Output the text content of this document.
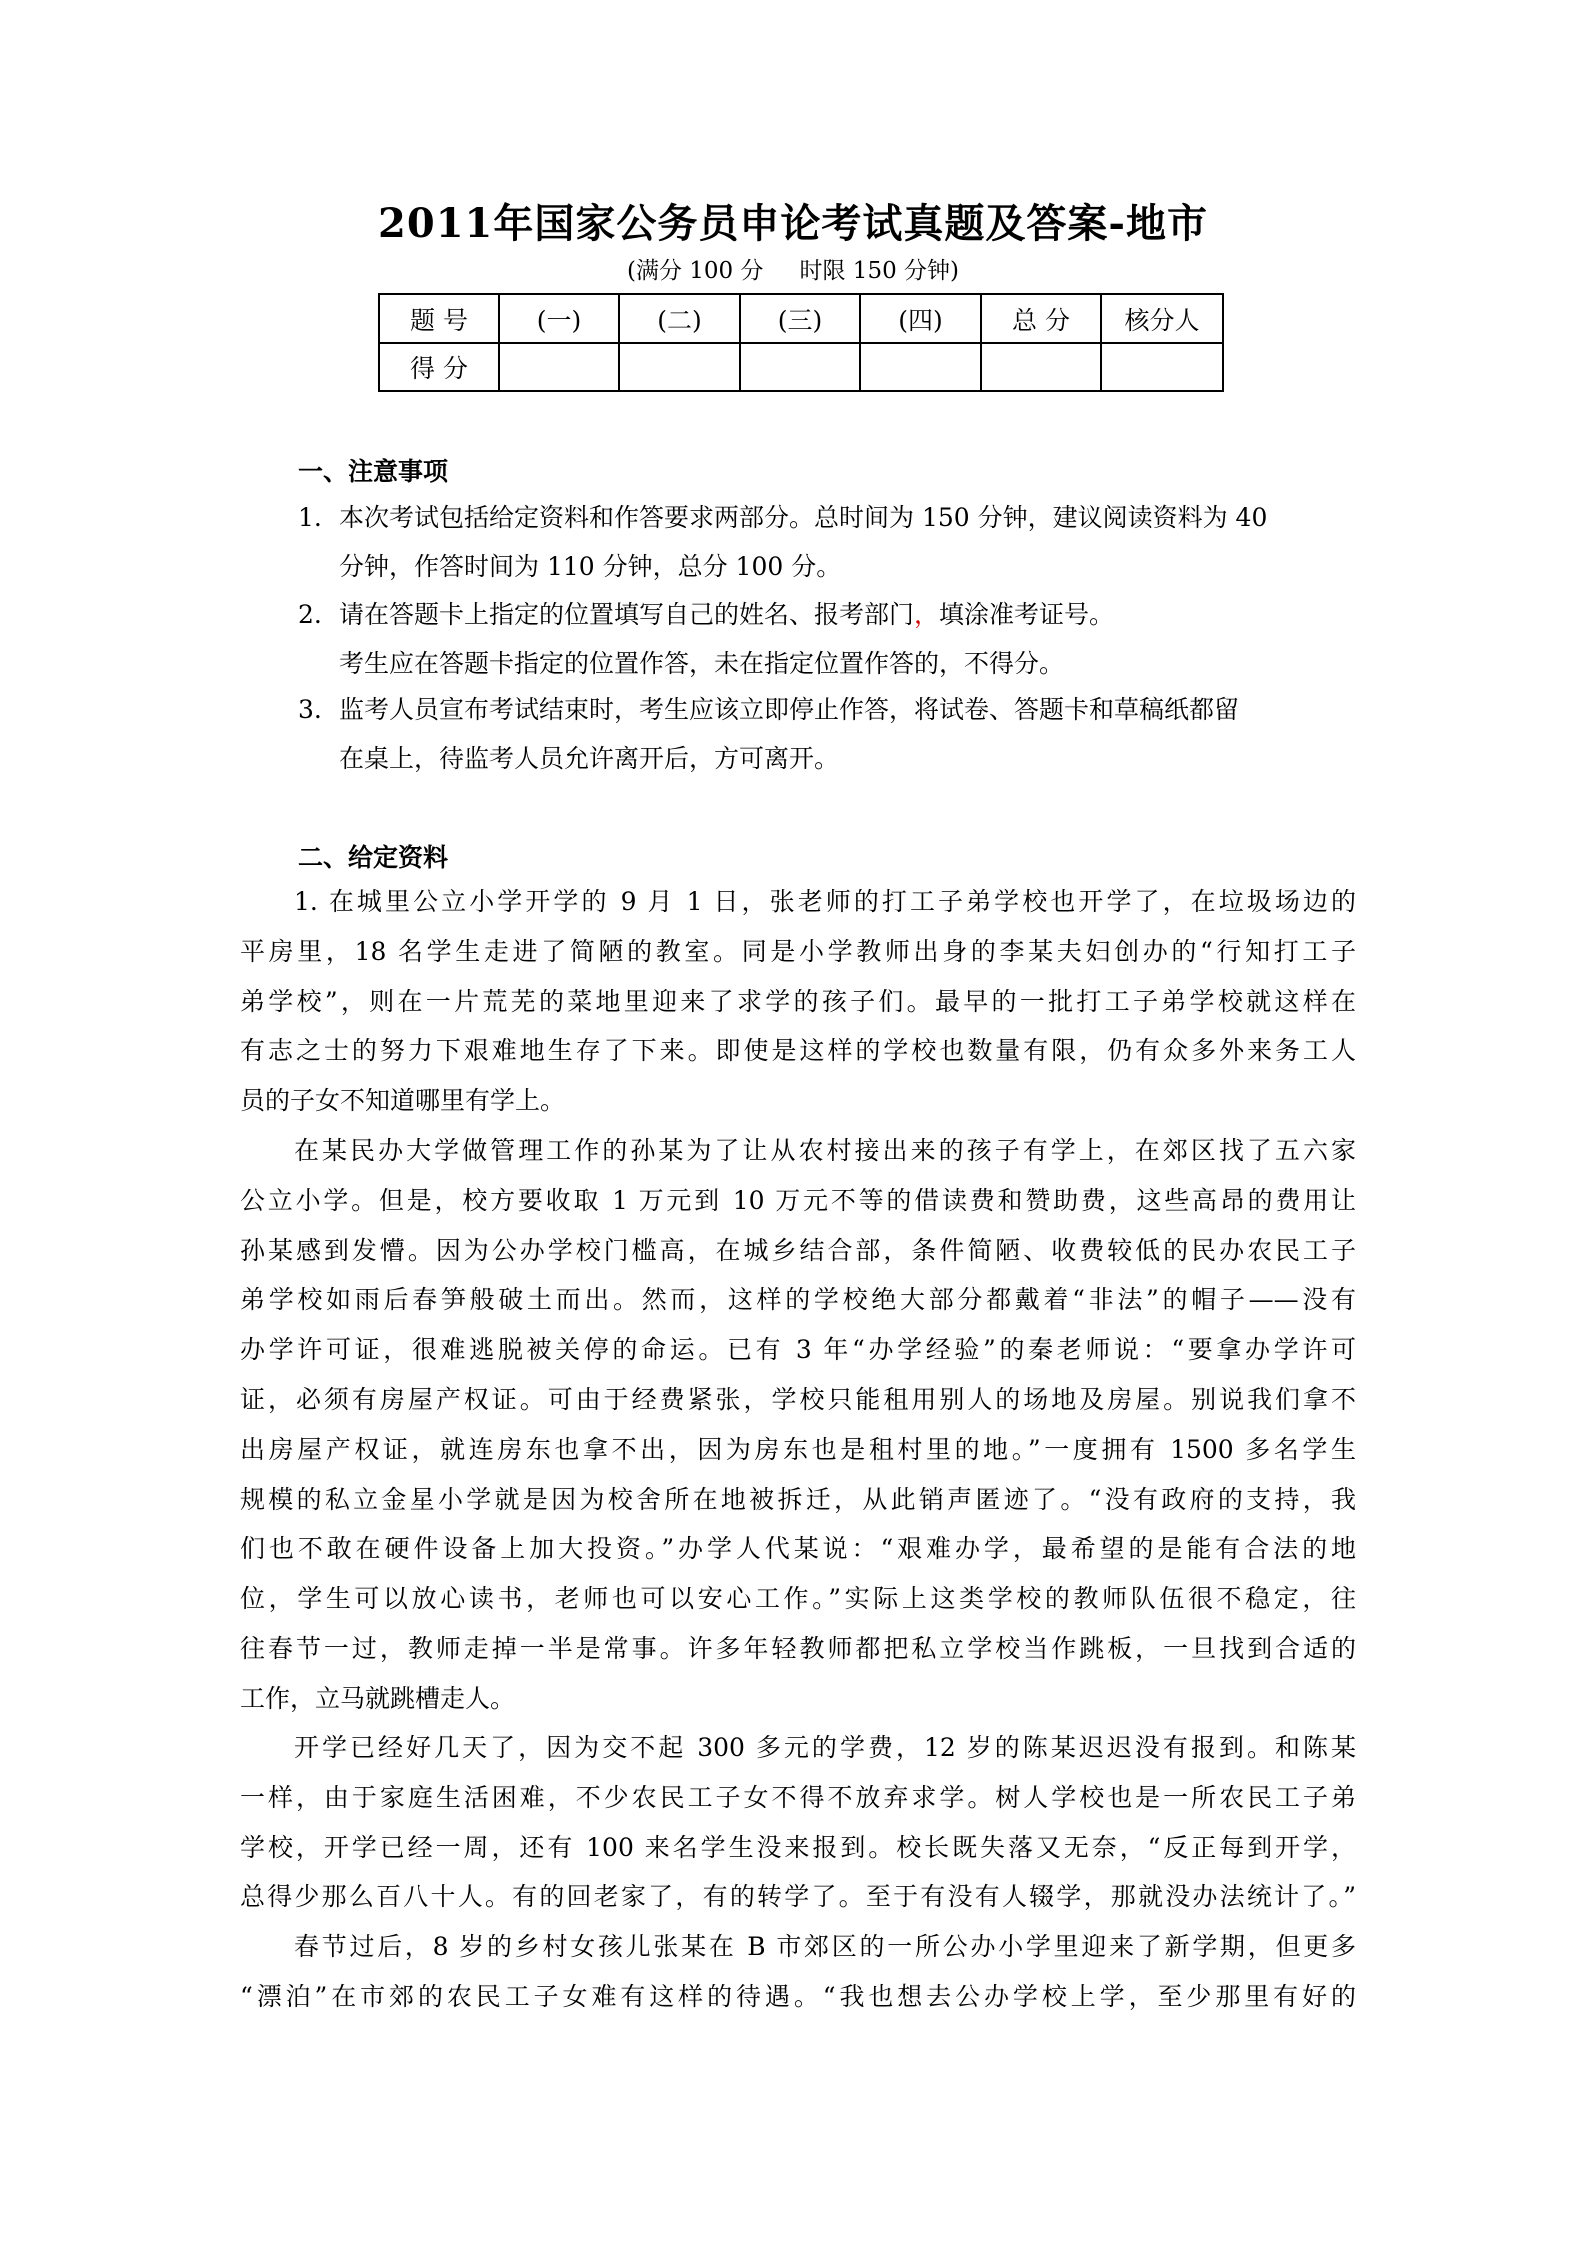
2011年国家公务员申论考试真题及答案-地市
(满分 100 分 时限 150 分钟)
题 号	(一)	(二)	(三)	(四)	总 分	核分人
得 分						
一、注意事项
1. 本次考试包括给定资料和作答要求两部分。总时间为 150 分钟，建议阅读资料为 40
分钟，作答时间为 110 分钟，总分 100 分。
2. 请在答题卡上指定的位置填写自己的姓名、报考部门，填涂准考证号。
考生应在答题卡指定的位置作答，未在指定位置作答的，不得分。
3. 监考人员宣布考试结束时，考生应该立即停止作答，将试卷、答题卡和草稿纸都留
在桌上，待监考人员允许离开后，方可离开。
二、给定资料
1. 在城里公立小学开学的 9 月 1 日，张老师的打工子弟学校也开学了，在垃圾场边的
平房里，18 名学生走进了简陋的教室。同是小学教师出身的李某夫妇创办的“行知打工子
弟学校”，则在一片荒芜的菜地里迎来了求学的孩子们。最早的一批打工子弟学校就这样在
有志之士的努力下艰难地生存了下来。即使是这样的学校也数量有限，仍有众多外来务工人
员的子女不知道哪里有学上。
在某民办大学做管理工作的孙某为了让从农村接出来的孩子有学上，在郊区找了五六家
公立小学。但是，校方要收取 1 万元到 10 万元不等的借读费和赞助费，这些高昂的费用让
孙某感到发懵。因为公办学校门槛高，在城乡结合部，条件简陋、收费较低的民办农民工子
弟学校如雨后春笋般破土而出。然而，这样的学校绝大部分都戴着“非法”的帽子——没有
办学许可证，很难逃脱被关停的命运。已有 3 年“办学经验”的秦老师说：“要拿办学许可
证，必须有房屋产权证。可由于经费紧张，学校只能租用别人的场地及房屋。别说我们拿不
出房屋产权证，就连房东也拿不出，因为房东也是租村里的地。”一度拥有 1500 多名学生
规模的私立金星小学就是因为校舍所在地被拆迁，从此销声匿迹了。“没有政府的支持，我
们也不敢在硬件设备上加大投资。”办学人代某说：“艰难办学，最希望的是能有合法的地
位，学生可以放心读书，老师也可以安心工作。”实际上这类学校的教师队伍很不稳定，往
往春节一过，教师走掉一半是常事。许多年轻教师都把私立学校当作跳板，一旦找到合适的
工作，立马就跳槽走人。
开学已经好几天了，因为交不起 300 多元的学费，12 岁的陈某迟迟没有报到。和陈某
一样，由于家庭生活困难，不少农民工子女不得不放弃求学。树人学校也是一所农民工子弟
学校，开学已经一周，还有 100 来名学生没来报到。校长既失落又无奈，“反正每到开学，
总得少那么百八十人。有的回老家了，有的转学了。至于有没有人辍学，那就没办法统计了。”
春节过后，8 岁的乡村女孩儿张某在 B 市郊区的一所公办小学里迎来了新学期，但更多
“漂泊”在市郊的农民工子女难有这样的待遇。“我也想去公办学校上学，至少那里有好的
